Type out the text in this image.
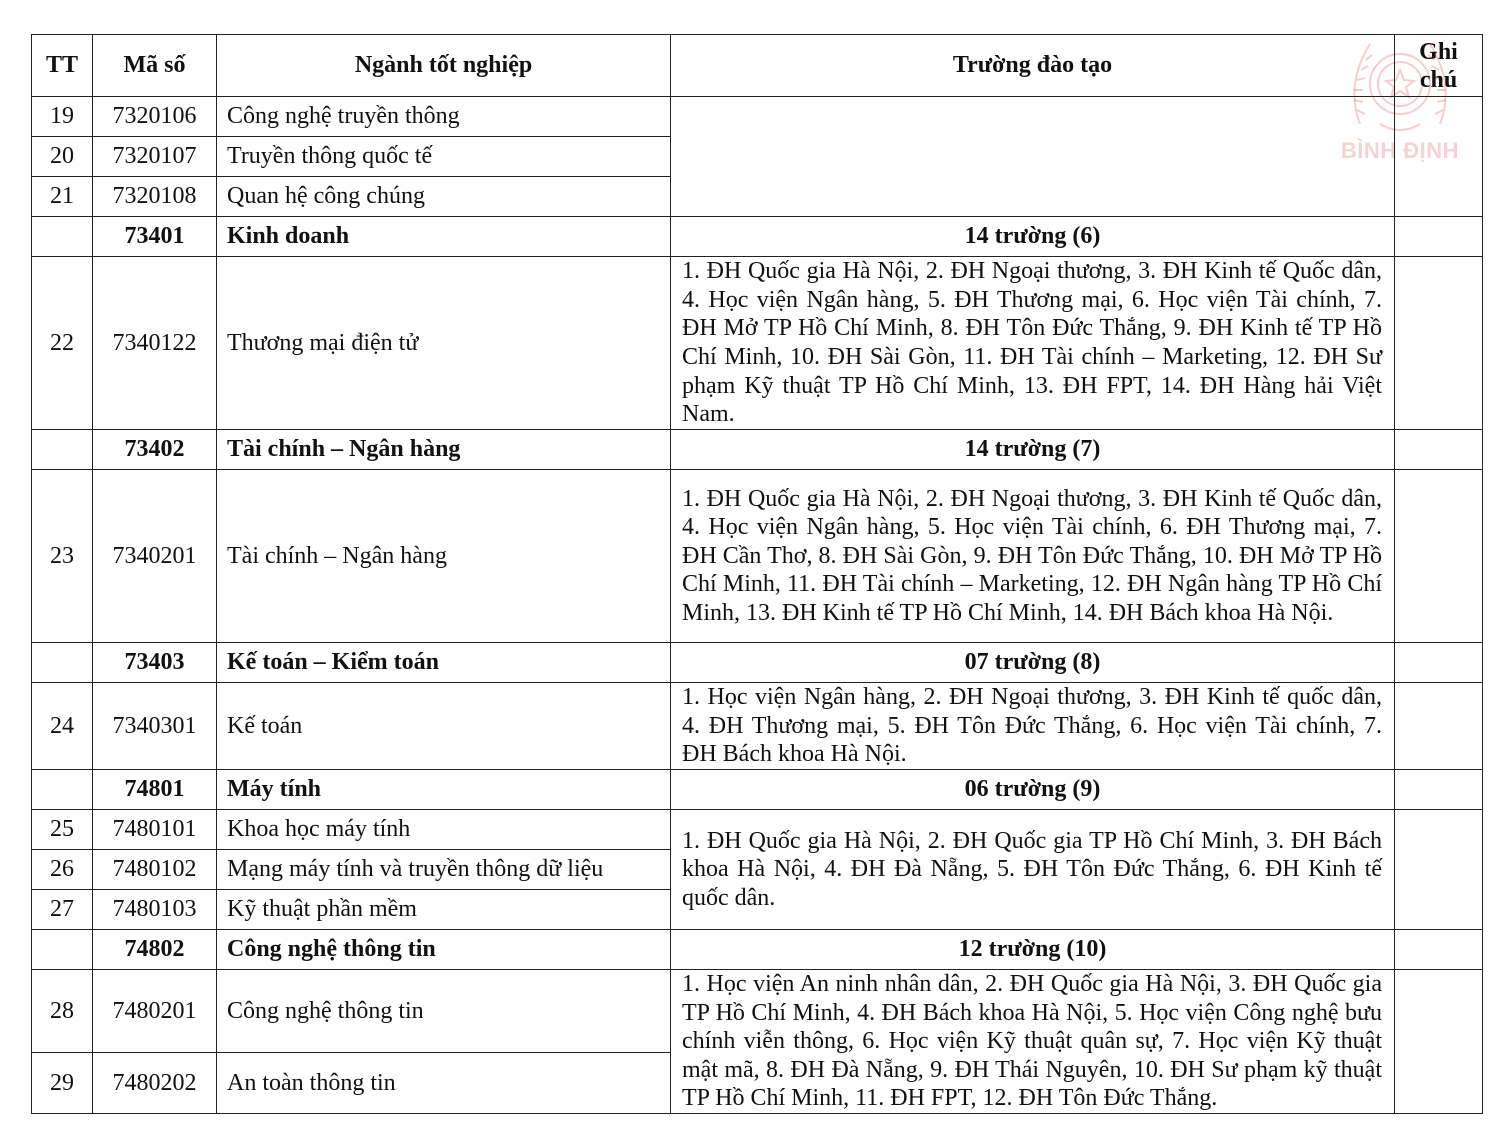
BÌNH ĐỊNH
TT	Mã số	Ngành tốt nghiệp	Trường đào tạo	Ghi chú
19	7320106	Công nghệ truyền thông		
20	7320107	Truyền thông quốc tế		
21	7320108	Quan hệ công chúng		
	73401	Kinh doanh	14 trường (6)	
22	7340122	Thương mại điện tử	1. ĐH Quốc gia Hà Nội, 2. ĐH Ngoại thương, 3. ĐH Kinh tế Quốc dân, 4. Học viện Ngân hàng, 5. ĐH Thương mại, 6. Học viện Tài chính, 7. ĐH Mở TP Hồ Chí Minh, 8. ĐH Tôn Đức Thắng, 9. ĐH Kinh tế TP Hồ Chí Minh, 10. ĐH Sài Gòn, 11. ĐH Tài chính – Marketing, 12. ĐH Sư phạm Kỹ thuật TP Hồ Chí Minh, 13. ĐH FPT, 14. ĐH Hàng hải Việt Nam.	
	73402	Tài chính – Ngân hàng	14 trường (7)	
23	7340201	Tài chính – Ngân hàng	1. ĐH Quốc gia Hà Nội, 2. ĐH Ngoại thương, 3. ĐH Kinh tế Quốc dân, 4. Học viện Ngân hàng, 5. Học viện Tài chính, 6. ĐH Thương mại, 7. ĐH Cần Thơ, 8. ĐH Sài Gòn, 9. ĐH Tôn Đức Thắng, 10. ĐH Mở TP Hồ Chí Minh, 11. ĐH Tài chính – Marketing, 12. ĐH Ngân hàng TP Hồ Chí Minh, 13. ĐH Kinh tế TP Hồ Chí Minh, 14. ĐH Bách khoa Hà Nội.	
	73403	Kế toán – Kiểm toán	07 trường (8)	
24	7340301	Kế toán	1. Học viện Ngân hàng, 2. ĐH Ngoại thương, 3. ĐH Kinh tế quốc dân, 4. ĐH Thương mại, 5. ĐH Tôn Đức Thắng, 6. Học viện Tài chính, 7. ĐH Bách khoa Hà Nội.	
	74801	Máy tính	06 trường (9)	
25	7480101	Khoa học máy tính	1. ĐH Quốc gia Hà Nội, 2. ĐH Quốc gia TP Hồ Chí Minh, 3. ĐH Bách khoa Hà Nội, 4. ĐH Đà Nẵng, 5. ĐH Tôn Đức Thắng, 6. ĐH Kinh tế quốc dân.	
26	7480102	Mạng máy tính và truyền thông dữ liệu		
27	7480103	Kỹ thuật phần mềm		
	74802	Công nghệ thông tin	12 trường (10)	
28	7480201	Công nghệ thông tin	1. Học viện An ninh nhân dân, 2. ĐH Quốc gia Hà Nội, 3. ĐH Quốc gia TP Hồ Chí Minh, 4. ĐH Bách khoa Hà Nội, 5. Học viện Công nghệ bưu chính viễn thông, 6. Học viện Kỹ thuật quân sự, 7. Học viện Kỹ thuật mật mã, 8. ĐH Đà Nẵng, 9. ĐH Thái Nguyên, 10. ĐH Sư phạm kỹ thuật TP Hồ Chí Minh, 11. ĐH FPT, 12. ĐH Tôn Đức Thắng.	
29	7480202	An toàn thông tin		
